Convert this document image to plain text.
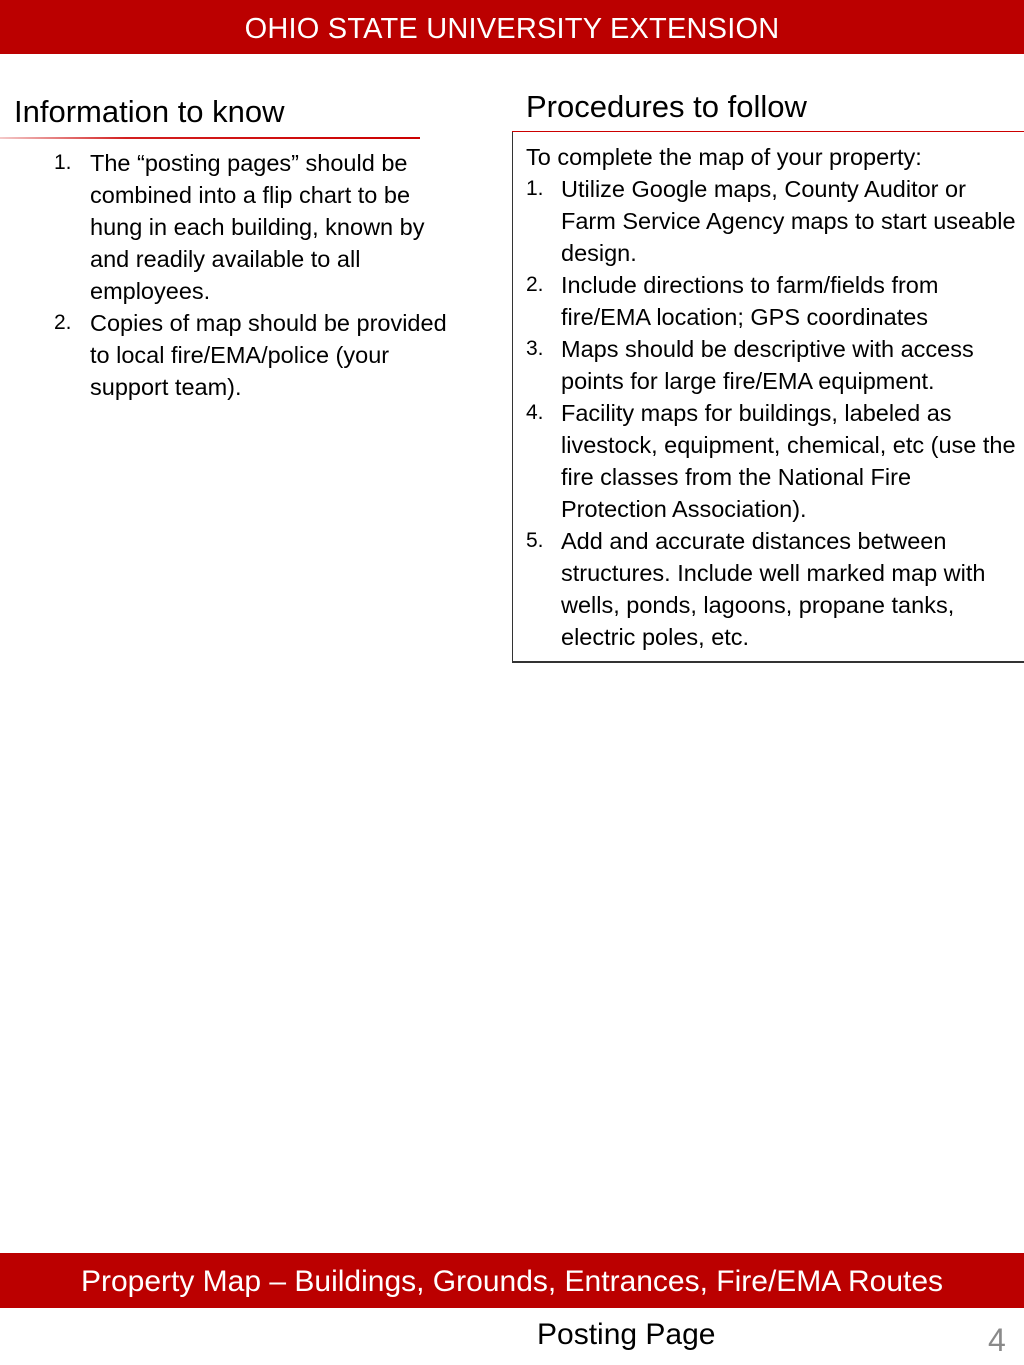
OHIO STATE UNIVERSITY EXTENSION
Information to know
1. The “posting pages” should be combined into a flip chart to be hung in each building, known by and readily available to all employees.
2. Copies of map should be provided to local fire/EMA/police (your support team).
Procedures to follow
To complete the map of your property:
1. Utilize Google maps, County Auditor or Farm Service Agency maps to start useable design.
2. Include directions to farm/fields from fire/EMA location; GPS coordinates
3. Maps should be descriptive with access points for large fire/EMA equipment.
4. Facility maps for buildings, labeled as livestock, equipment, chemical, etc (use the fire classes from the National Fire Protection Association).
5. Add and accurate distances between structures. Include well marked map with wells, ponds, lagoons, propane tanks, electric poles, etc.
Property Map – Buildings, Grounds, Entrances, Fire/EMA Routes
Posting Page	4
